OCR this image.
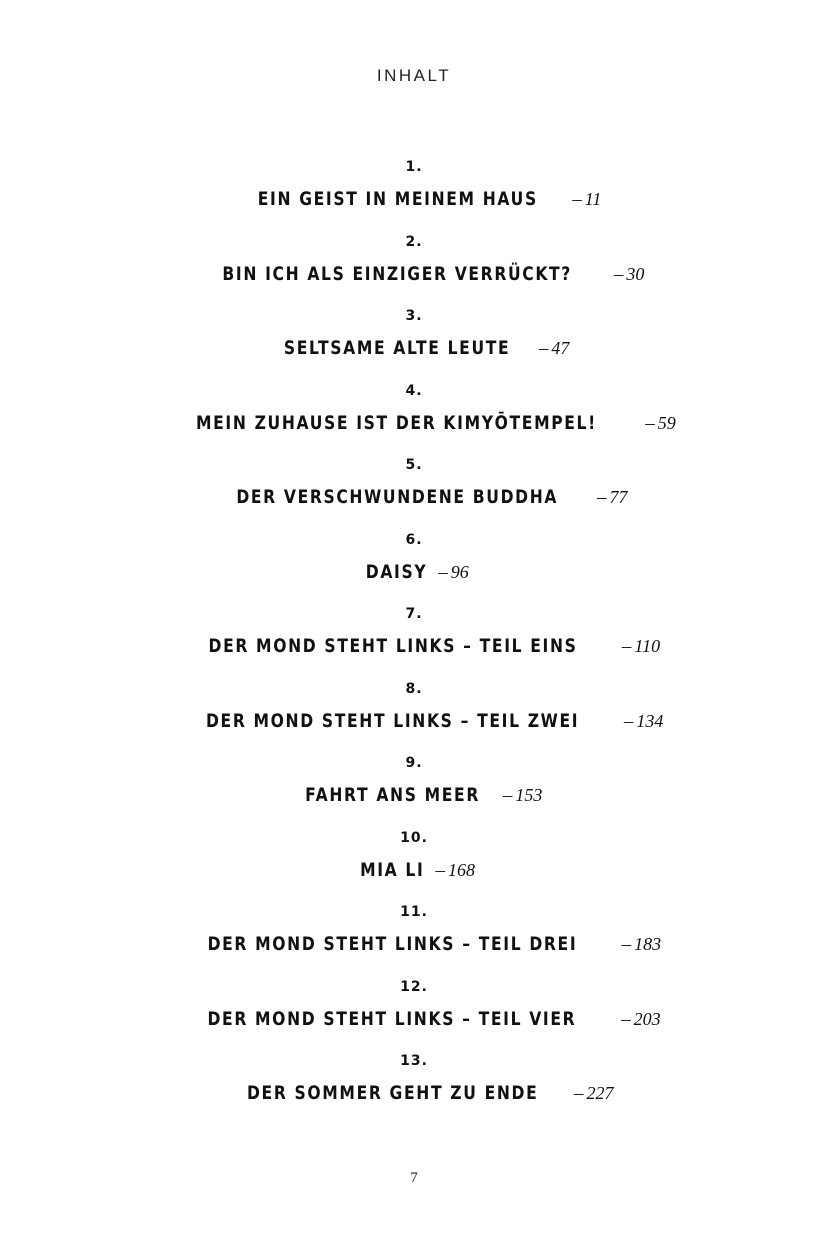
INHALT
1.
EIN GEIST IN MEINEM HAUS – 11
2.
BIN ICH ALS EINZIGER VERRÜCKT? – 30
3.
SELTSAME ALTE LEUTE – 47
4.
MEIN ZUHAUSE IST DER KIMYŌTEMPEL!	– 59
5.
DER VERSCHWUNDENE BUDDHA – 77
6.
DAISY – 96
7.
DER MOND STEHT LINKS – TEIL EINS – 110
8.
DER MOND STEHT LINKS – TEIL ZWEI – 134
9.
FAHRT ANS MEER – 153
10.
MIA LI – 168
11.
DER MOND STEHT LINKS – TEIL DREI – 183
12.
DER MOND STEHT LINKS – TEIL VIER – 203
13.
DER SOMMER GEHT ZU ENDE – 227
7
